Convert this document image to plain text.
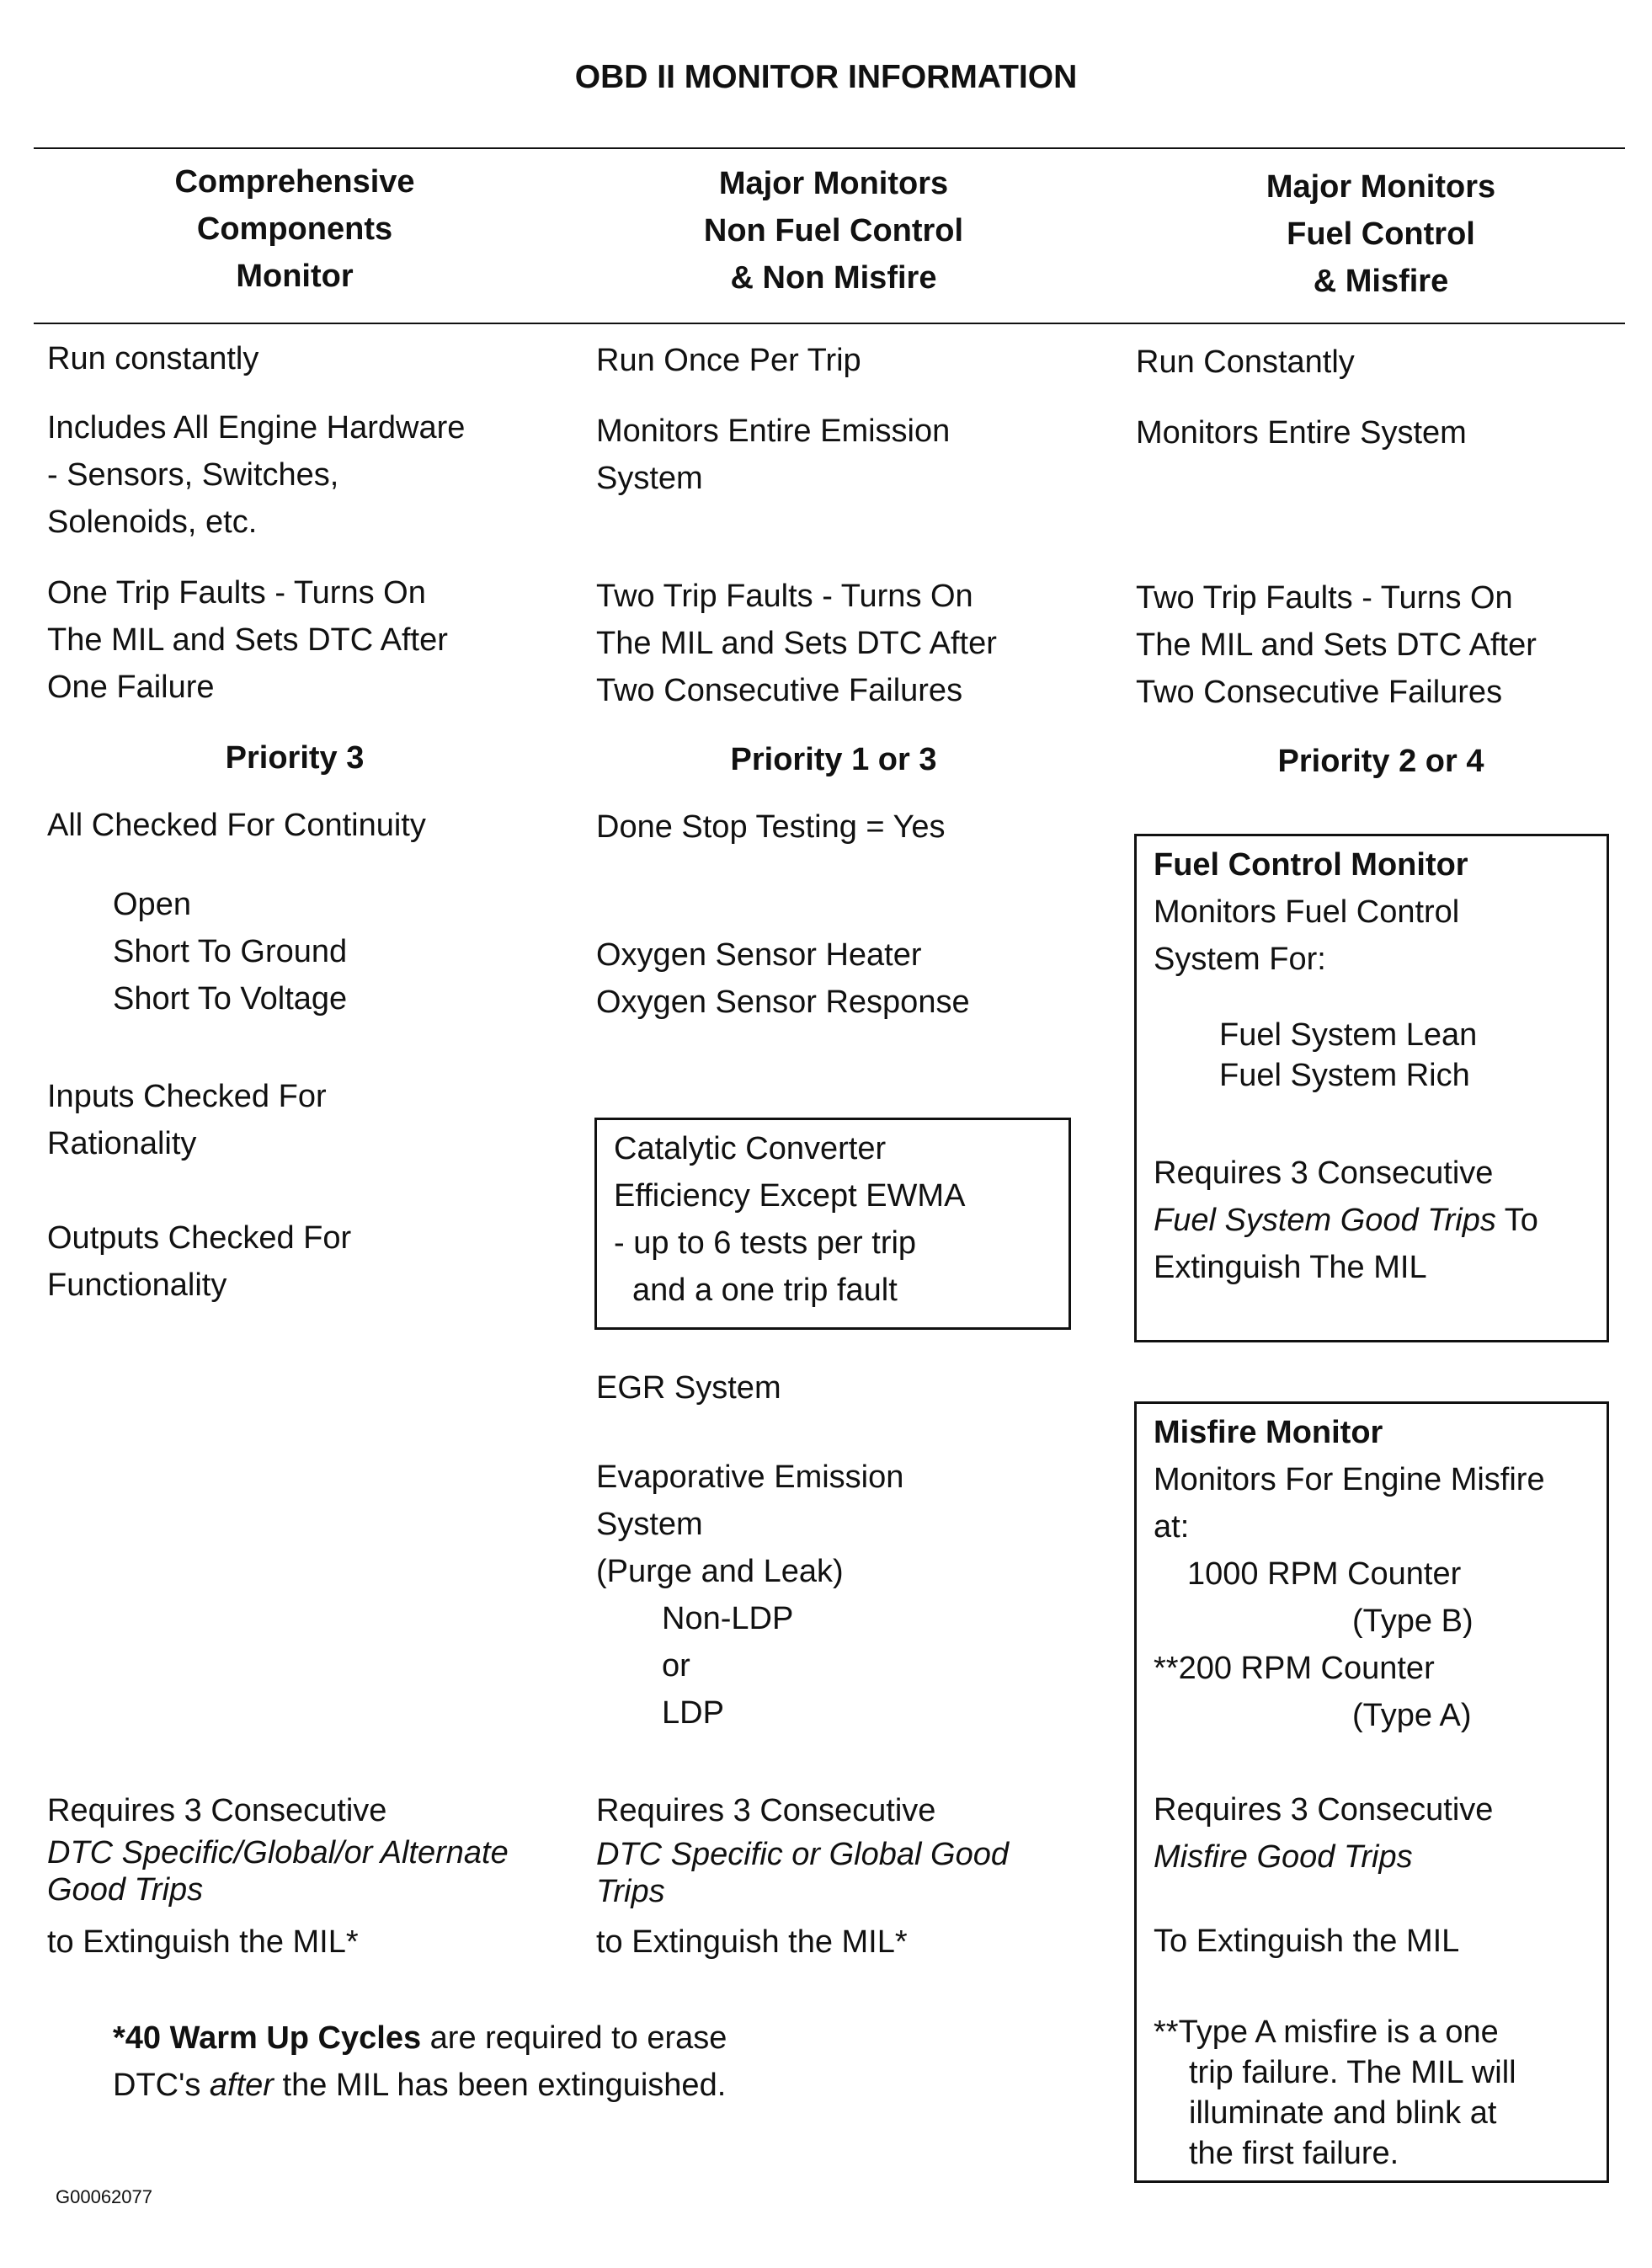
OBD II MONITOR INFORMATION
Comprehensive
Components
Monitor
Major Monitors
Non Fuel Control
& Non Misfire
Major Monitors
Fuel Control
& Misfire
Run constantly
Includes All Engine Hardware
- Sensors, Switches,
Solenoids, etc.
One Trip Faults - Turns On
The MIL and Sets DTC After
One Failure
Priority 3
All Checked For Continuity
Open
Short To Ground
Short To Voltage
Inputs Checked For
Rationality
Outputs Checked For
Functionality
Requires 3 Consecutive
DTC Specific/Global/or Alternate
Good Trips
to Extinguish the MIL*
Run Once Per Trip
Monitors Entire Emission
System
Two Trip Faults - Turns On
The MIL and Sets DTC After
Two Consecutive Failures
Priority 1 or 3
Done Stop Testing = Yes
Oxygen Sensor Heater
Oxygen Sensor Response
Catalytic Converter
Efficiency Except EWMA
- up to 6 tests per trip
and a one trip fault
EGR System
Evaporative Emission
System
(Purge and Leak)
Non-LDP
or
LDP
Requires 3 Consecutive
DTC Specific or Global Good
Trips
to Extinguish the MIL*
Run Constantly
Monitors Entire System
Two Trip Faults - Turns On
The MIL and Sets DTC After
Two Consecutive Failures
Priority 2 or 4
Fuel Control Monitor
Monitors Fuel Control
System For:
Fuel System Lean
Fuel System Rich
Requires 3 Consecutive
Fuel System Good Trips To
Extinguish The MIL
Misfire Monitor
Monitors For Engine Misfire
at:
1000 RPM Counter
(Type B)
**200 RPM Counter
(Type A)
Requires 3 Consecutive
Misfire Good Trips
To Extinguish the MIL
**Type A misfire is a one
trip failure. The MIL will
illuminate and blink at
the first failure.
*40 Warm Up Cycles are required to erase
DTC's after the MIL has been extinguished.
G00062077
